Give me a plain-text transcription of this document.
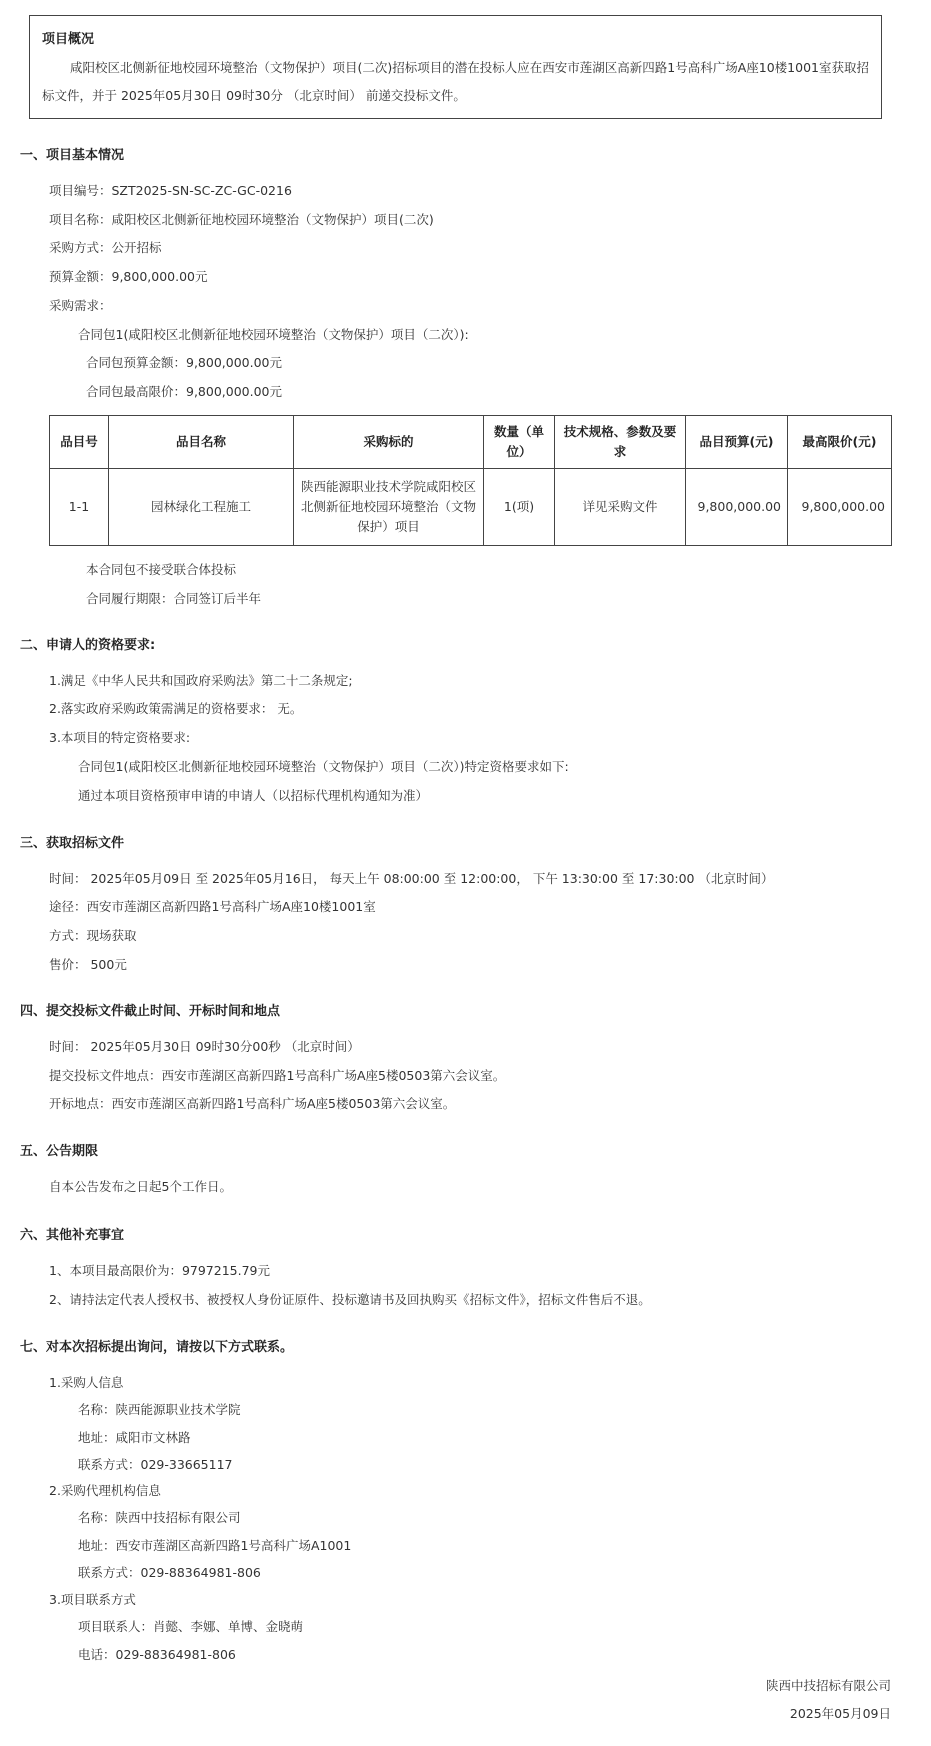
项目概况
咸阳校区北侧新征地校园环境整治（文物保护）项目(二次)招标项目的潜在投标人应在西安市莲湖区高新四路1号高科广场A座10楼1001室获取招
标文件，并于 2025年05月30日 09时30分 （北京时间） 前递交投标文件。
一、项目基本情况
项目编号：SZT2025-SN-SC-ZC-GC-0216
项目名称：咸阳校区北侧新征地校园环境整治（文物保护）项目(二次)
采购方式：公开招标
预算金额：9,800,000.00元
采购需求：
合同包1(咸阳校区北侧新征地校园环境整治（文物保护）项目（二次）):
合同包预算金额：9,800,000.00元
合同包最高限价：9,800,000.00元
品目号	品目名称	采购标的	数量（单位）	技术规格、参数及要求	品目预算(元)	最高限价(元)
1-1	园林绿化工程施工	陕西能源职业技术学院咸阳校区北侧新征地校园环境整治（文物保护）项目	1(项)	详见采购文件	9,800,000.00	9,800,000.00
本合同包不接受联合体投标
合同履行期限：合同签订后半年
二、申请人的资格要求:
1.满足《中华人民共和国政府采购法》第二十二条规定;
2.落实政府采购政策需满足的资格要求： 无。
3.本项目的特定资格要求:
合同包1(咸阳校区北侧新征地校园环境整治（文物保护）项目（二次）)特定资格要求如下:
通过本项目资格预审申请的申请人（以招标代理机构通知为准）
三、获取招标文件
时间： 2025年05月09日 至 2025年05月16日， 每天上午 08:00:00 至 12:00:00， 下午 13:30:00 至 17:30:00 （北京时间）
途径：西安市莲湖区高新四路1号高科广场A座10楼1001室
方式：现场获取
售价： 500元
四、提交投标文件截止时间、开标时间和地点
时间： 2025年05月30日 09时30分00秒 （北京时间）
提交投标文件地点：西安市莲湖区高新四路1号高科广场A座5楼0503第六会议室。
开标地点：西安市莲湖区高新四路1号高科广场A座5楼0503第六会议室。
五、公告期限
自本公告发布之日起5个工作日。
六、其他补充事宜
1、本项目最高限价为：9797215.79元
2、请持法定代表人授权书、被授权人身份证原件、投标邀请书及回执购买《招标文件》，招标文件售后不退。
七、对本次招标提出询问，请按以下方式联系。
1.采购人信息
名称：陕西能源职业技术学院
地址：咸阳市文林路
联系方式：029-33665117
2.采购代理机构信息
名称：陕西中技招标有限公司
地址：西安市莲湖区高新四路1号高科广场A1001
联系方式：029-88364981-806
3.项目联系方式
项目联系人：肖懿、李娜、单博、金晓萌
电话：029-88364981-806
陕西中技招标有限公司
2025年05月09日
